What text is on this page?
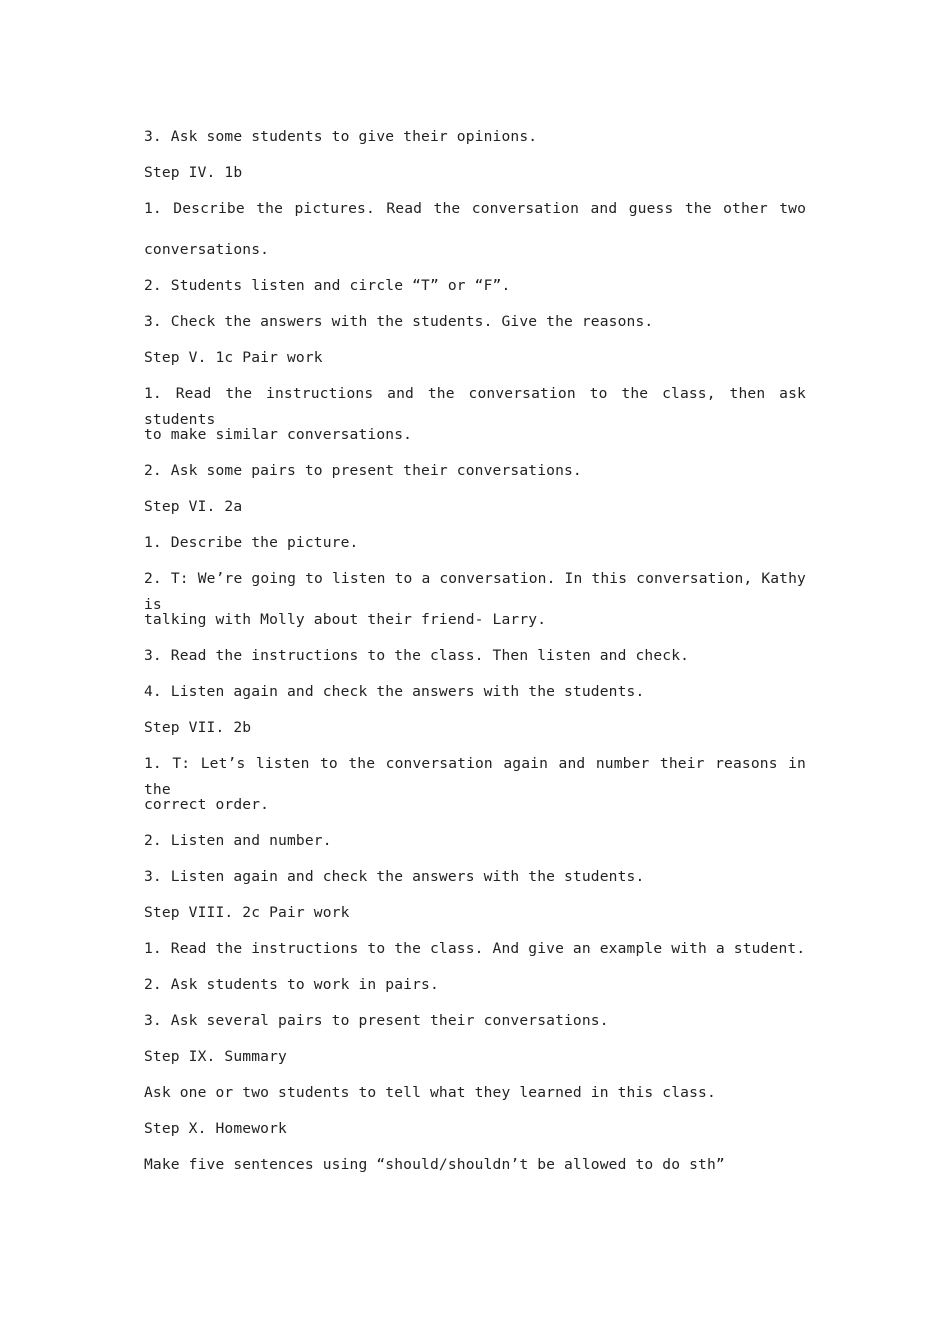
3. Ask some students to give their opinions.
Step IV. 1b
1. Describe the pictures. Read the conversation and guess the other two
conversations.
2. Students listen and circle “T” or “F”.
3. Check the answers with the students. Give the reasons.
Step V. 1c Pair work
1. Read the instructions and the conversation to the class, then ask students
to make similar conversations.
2. Ask some pairs to present their conversations.
Step VI. 2a
1. Describe the picture.
2. T: We’re going to listen to a conversation. In this conversation, Kathy is
talking with Molly about their friend- Larry.
3. Read the instructions to the class. Then listen and check.
4. Listen again and check the answers with the students.
Step VII. 2b
1. T: Let’s listen to the conversation again and number their reasons in the
correct order.
2. Listen and number.
3. Listen again and check the answers with the students.
Step VIII. 2c Pair work
1. Read the instructions to the class. And give an example with a student.
2. Ask students to work in pairs.
3. Ask several pairs to present their conversations.
Step IX. Summary
Ask one or two students to tell what they learned in this class.
Step X. Homework
Make five sentences using “should/shouldn’t be allowed to do sth”
